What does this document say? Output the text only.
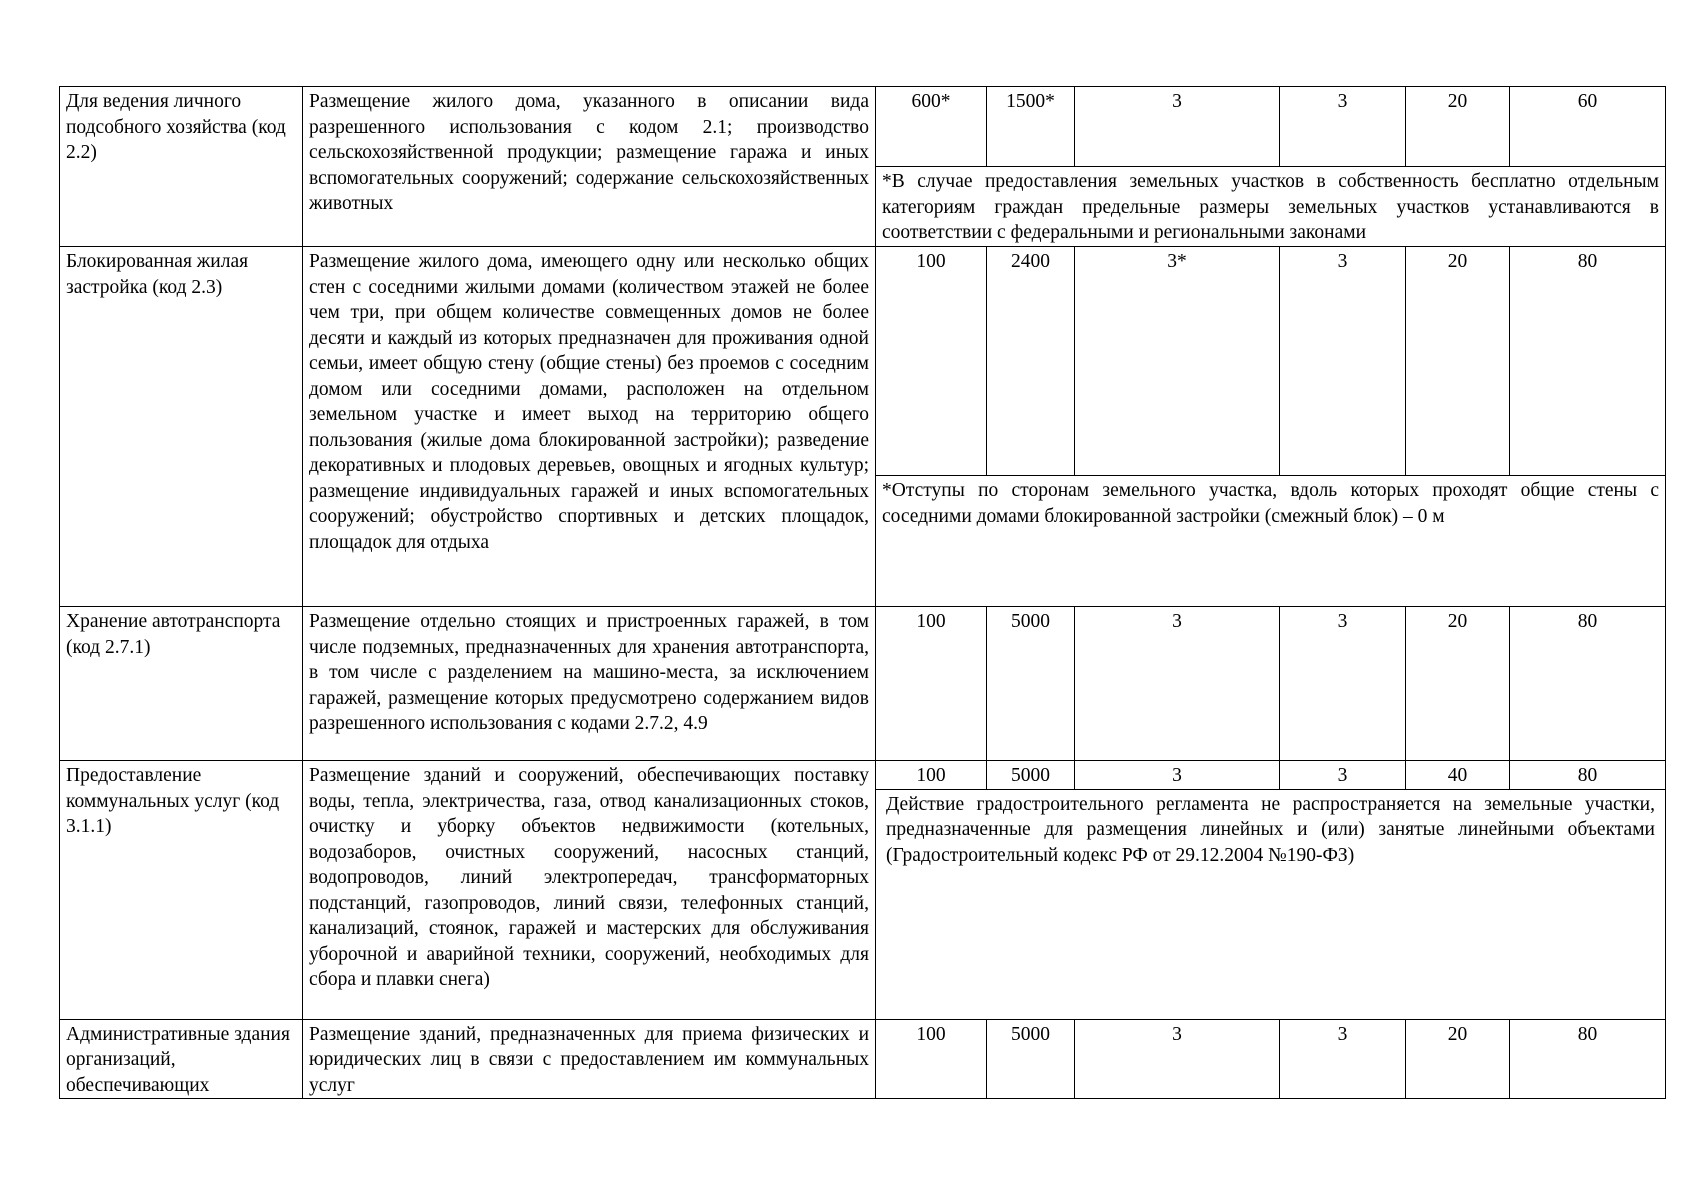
Для ведения личного подсобного хозяйства (код 2.2)	Размещение жилого дома, указанного в описании вида разрешенного использования с кодом 2.1; производство сельскохозяйственной продукции; размещение гаража и иных вспомогательных сооружений; содержание сельскохозяйственных животных	600*	1500*	3	3	20	60
		*В случае предоставления земельных участков в собственность бесплатно отдельным категориям граждан предельные размеры земельных участков устанавливаются в соответствии с федеральными и региональными законами					
Блокированная жилая застройка (код 2.3)	Размещение жилого дома, имеющего одну или несколько общих стен с соседними жилыми домами (количеством этажей не более чем три, при общем количестве совмещенных домов не более десяти и каждый из которых предназначен для проживания одной семьи, имеет общую стену (общие стены) без проемов с соседним домом или соседними домами, расположен на отдельном земельном участке и имеет выход на территорию общего пользования (жилые дома блокированной застройки); разведение декоративных и плодовых деревьев, овощных и ягодных культур; размещение индивидуальных гаражей и иных вспомогательных сооружений; обустройство спортивных и детских площадок, площадок для отдыха	100	2400	3*	3	20	80
		*Отступы по сторонам земельного участка, вдоль которых проходят общие стены с соседними домами блокированной застройки (смежный блок) – 0 м					
Хранение автотранспорта (код 2.7.1)	Размещение отдельно стоящих и пристроенных гаражей, в том числе подземных, предназначенных для хранения автотранспорта, в том числе с разделением на машино-места, за исключением гаражей, размещение которых предусмотрено содержанием видов разрешенного использования с кодами 2.7.2, 4.9	100	5000	3	3	20	80
Предоставление коммунальных услуг (код 3.1.1)	Размещение зданий и сооружений, обеспечивающих поставку воды, тепла, электричества, газа, отвод канализационных стоков, очистку и уборку объектов недвижимости (котельных, водозаборов, очистных сооружений, насосных станций, водопроводов, линий электропередач, трансформаторных подстанций, газопроводов, линий связи, телефонных станций, канализаций, стоянок, гаражей и мастерских для обслуживания уборочной и аварийной техники, сооружений, необходимых для сбора и плавки снега)	100	5000	3	3	40	80
		Действие градостроительного регламента не распространяется на земельные участки, предназначенные для размещения линейных и (или) занятые линейными объектами (Градостроительный кодекс РФ от 29.12.2004 №190-ФЗ)					
Административные здания организаций, обеспечивающих	Размещение зданий, предназначенных для приема физических и юридических лиц в связи с предоставлением им коммунальных услуг	100	5000	3	3	20	80
